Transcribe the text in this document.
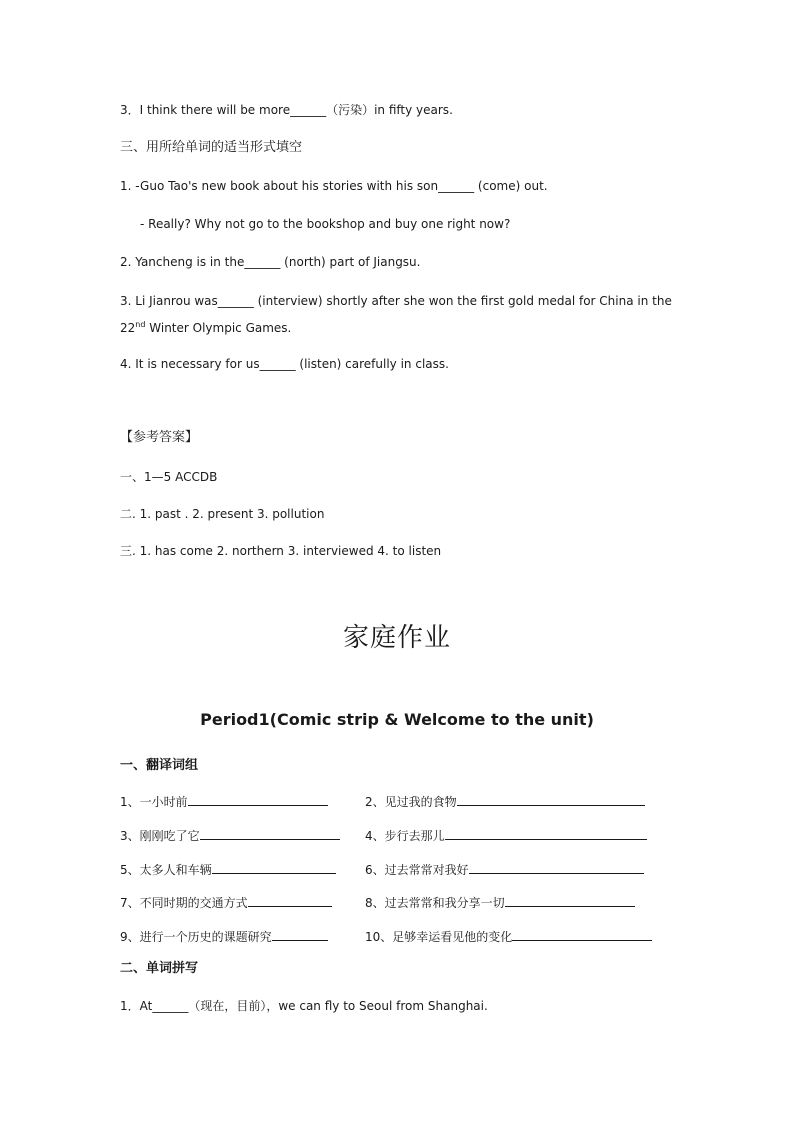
3．I think there will be more______（污染）in fifty years.
三、用所给单词的适当形式填空
1. -Guo Tao's new book about his stories with his son______ (come) out.
- Really? Why not go to the bookshop and buy one right now?
2. Yancheng is in the______ (north) part of Jiangsu.
3. Li Jianrou was______ (interview) shortly after she won the first gold medal for China in the
22nd Winter Olympic Games.
4. It is necessary for us______ (listen) carefully in class.
【参考答案】
一、1—5 ACCDB
二. 1. past . 2. present 3. pollution
三. 1. has come 2. northern 3. interviewed 4. to listen
家庭作业
Period1(Comic strip & Welcome to the unit)
一、翻译词组
1、一小时前	2、见过我的食物
3、刚刚吃了它	4、步行去那儿
5、太多人和车辆	6、过去常常对我好
7、不同时期的交通方式	8、过去常常和我分享一切
9、进行一个历史的课题研究	10、足够幸运看见他的变化
二、单词拼写
1．At______（现在，目前），we can fly to Seoul from Shanghai.
